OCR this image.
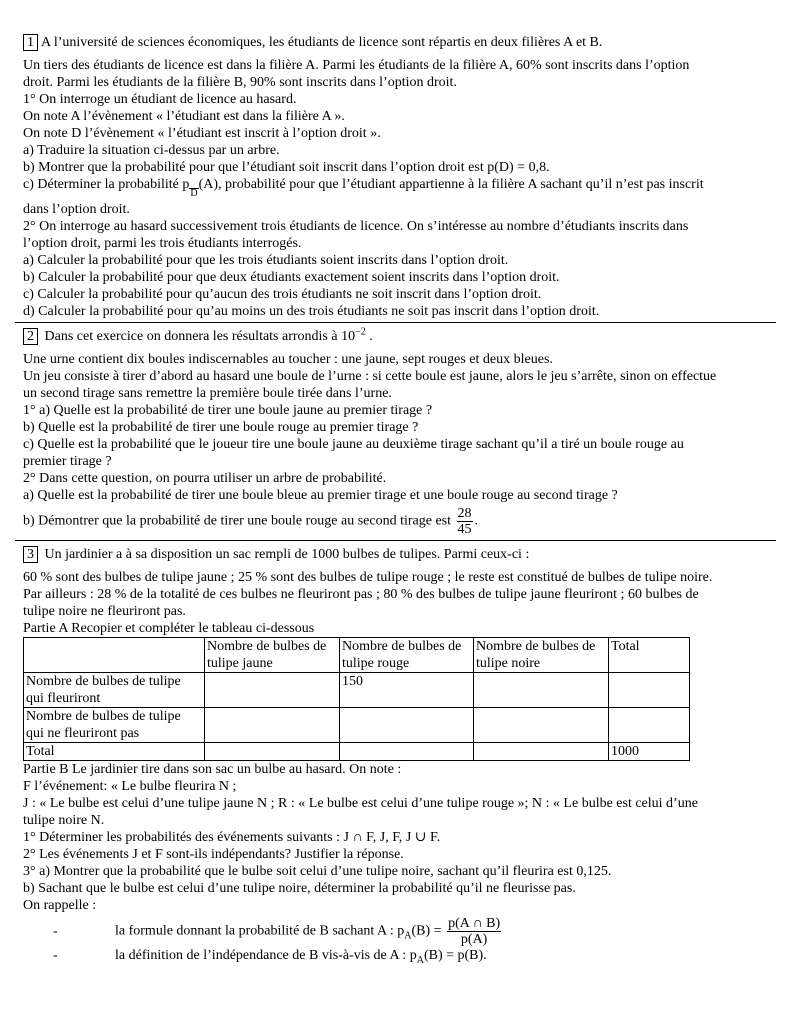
1 A l’université de sciences économiques, les étudiants de licence sont répartis en deux filières A et B.
Un tiers des étudiants de licence est dans la filière A. Parmi les étudiants de la filière A, 60% sont inscrits dans l’option
droit. Parmi les étudiants de la filière B, 90% sont inscrits dans l’option droit.
1° On interroge un étudiant de licence au hasard.
On note A l’évènement « l’étudiant est dans la filière A ».
On note D l’évènement « l’étudiant est inscrit à l’option droit ».
a) Traduire la situation ci-dessus par un arbre.
b) Montrer que la probabilité pour que l’étudiant soit inscrit dans l’option droit est p(D) = 0,8.
c) Déterminer la probabilité pD(A), probabilité pour que l’étudiant appartienne à la filière A sachant qu’il n’est pas inscrit
dans l’option droit.
2° On interroge au hasard successivement trois étudiants de licence. On s’intéresse au nombre d’étudiants inscrits dans
l’option droit, parmi les trois étudiants interrogés.
a) Calculer la probabilité pour que les trois étudiants soient inscrits dans l’option droit.
b) Calculer la probabilité pour que deux étudiants exactement soient inscrits dans l’option droit.
c) Calculer la probabilité pour qu’aucun des trois étudiants ne soit inscrit dans l’option droit.
d) Calculer la probabilité pour qu’au moins un des trois étudiants ne soit pas inscrit dans l’option droit.
2 Dans cet exercice on donnera les résultats arrondis à $10^{-2}$ .
Une urne contient dix boules indiscernables au toucher : une jaune, sept rouges et deux bleues.
Un jeu consiste à tirer d’abord au hasard une boule de l’urne : si cette boule est jaune, alors le jeu s’arrête, sinon on effectue
un second tirage sans remettre la première boule tirée dans l’urne.
1° a) Quelle est la probabilité de tirer une boule jaune au premier tirage ?
b) Quelle est la probabilité de tirer une boule rouge au premier tirage ?
c) Quelle est la probabilité que le joueur tire une boule jaune au deuxième tirage sachant qu’il a tiré un boule rouge au
premier tirage ?
2° Dans cette question, on pourra utiliser un arbre de probabilité.
a) Quelle est la probabilité de tirer une boule bleue au premier tirage et une boule rouge au second tirage ?
b) Démontrer que la probabilité de tirer une boule rouge au second tirage est $\frac{28}{45}$ .
3 Un jardinier a à sa disposition un sac rempli de 1000 bulbes de tulipes. Parmi ceux-ci :
60 % sont des bulbes de tulipe jaune ; 25 % sont des bulbes de tulipe rouge ; le reste est constitué de bulbes de tulipe noire.
Par ailleurs : 28 % de la totalité de ces bulbes ne fleuriront pas ; 80 % des bulbes de tulipe jaune fleuriront ; 60 bulbes de
tulipe noire ne fleuriront pas.
Partie A Recopier et compléter le tableau ci-dessous
	Nombre de bulbes de tulipe jaune	Nombre de bulbes de tulipe rouge	Nombre de bulbes de tulipe noire	Total
Nombre de bulbes de tulipe qui fleuriront		150		
Nombre de bulbes de tulipe qui ne fleuriront pas				
Total				1000
Partie B Le jardinier tire dans son sac un bulbe au hasard. On note :
F l’événement: « Le bulbe fleurira N ;
J : « Le bulbe est celui d’une tulipe jaune N ; R : « Le bulbe est celui d’une tulipe rouge »; N : « Le bulbe est celui d’une
tulipe noire N.
1° Déterminer les probabilités des événements suivants : J ∩ F, J, F, J ∪ F.
2° Les événements J et F sont-ils indépendants? Justifier la réponse.
3° a) Montrer que la probabilité que le bulbe soit celui d’une tulipe noire, sachant qu’il fleurira est 0,125.
b) Sachant que le bulbe est celui d’une tulipe noire, déterminer la probabilité qu’il ne fleurisse pas.
On rappelle :
-	la formule donnant la probabilité de B sachant A : $p_A(B) = \frac{p(A \cap B)}{p(A)}$
-	la définition de l’indépendance de B vis-à-vis de A : $p_A(B) = p(B)$.
